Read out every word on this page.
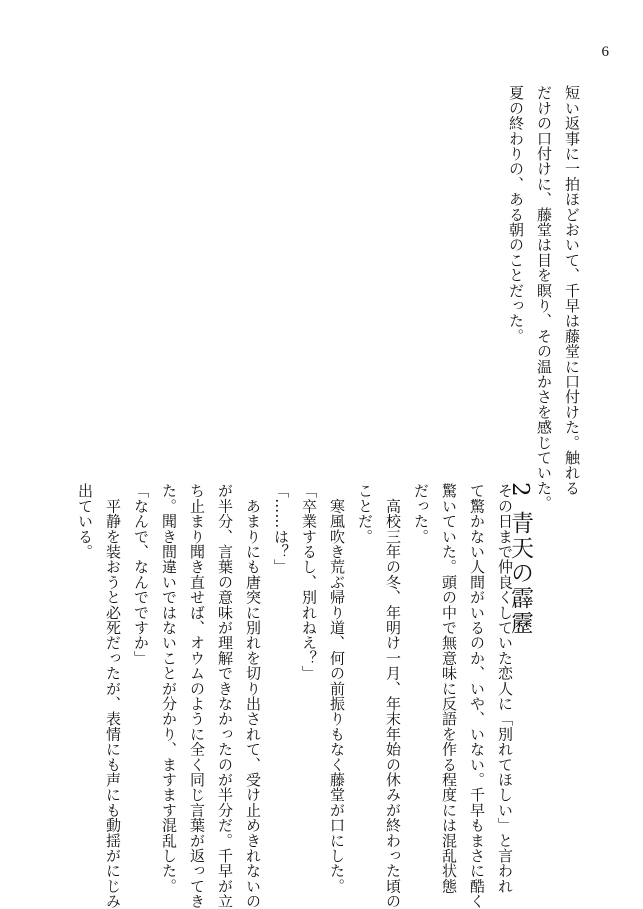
6
短い返事に一拍ほどおいて、千早は藤堂に口付けた。触れる
だけの口付けに、藤堂は目を瞑り、その温かさを感じていた。
夏の終わりの、ある朝のことだった。
2青天の霹靂
その日まで仲良くしていた恋人に「別れてほしい」と言われ
て驚かない人間がいるのか、いや、いない。千早もまさに酷く
驚いていた。頭の中で無意味に反語を作る程度には混乱状態
だった。
　高校三年の冬、年明け一月、年末年始の休みが終わった頃の
ことだ。
　寒風吹き荒ぶ帰り道、何の前振りもなく藤堂が口にした。
「卒業するし、別れねえ？」
「……は？」
　あまりにも唐突に別れを切り出されて、受け止めきれないの
が半分、言葉の意味が理解できなかったのが半分だ。千早が立
ち止まり聞き直せば、オウムのように全く同じ言葉が返ってき
た。聞き間違いではないことが分かり、ますます混乱した。
「なんで、なんでですか」
　平静を装おうと必死だったが、表情にも声にも動揺がにじみ
出ている。
